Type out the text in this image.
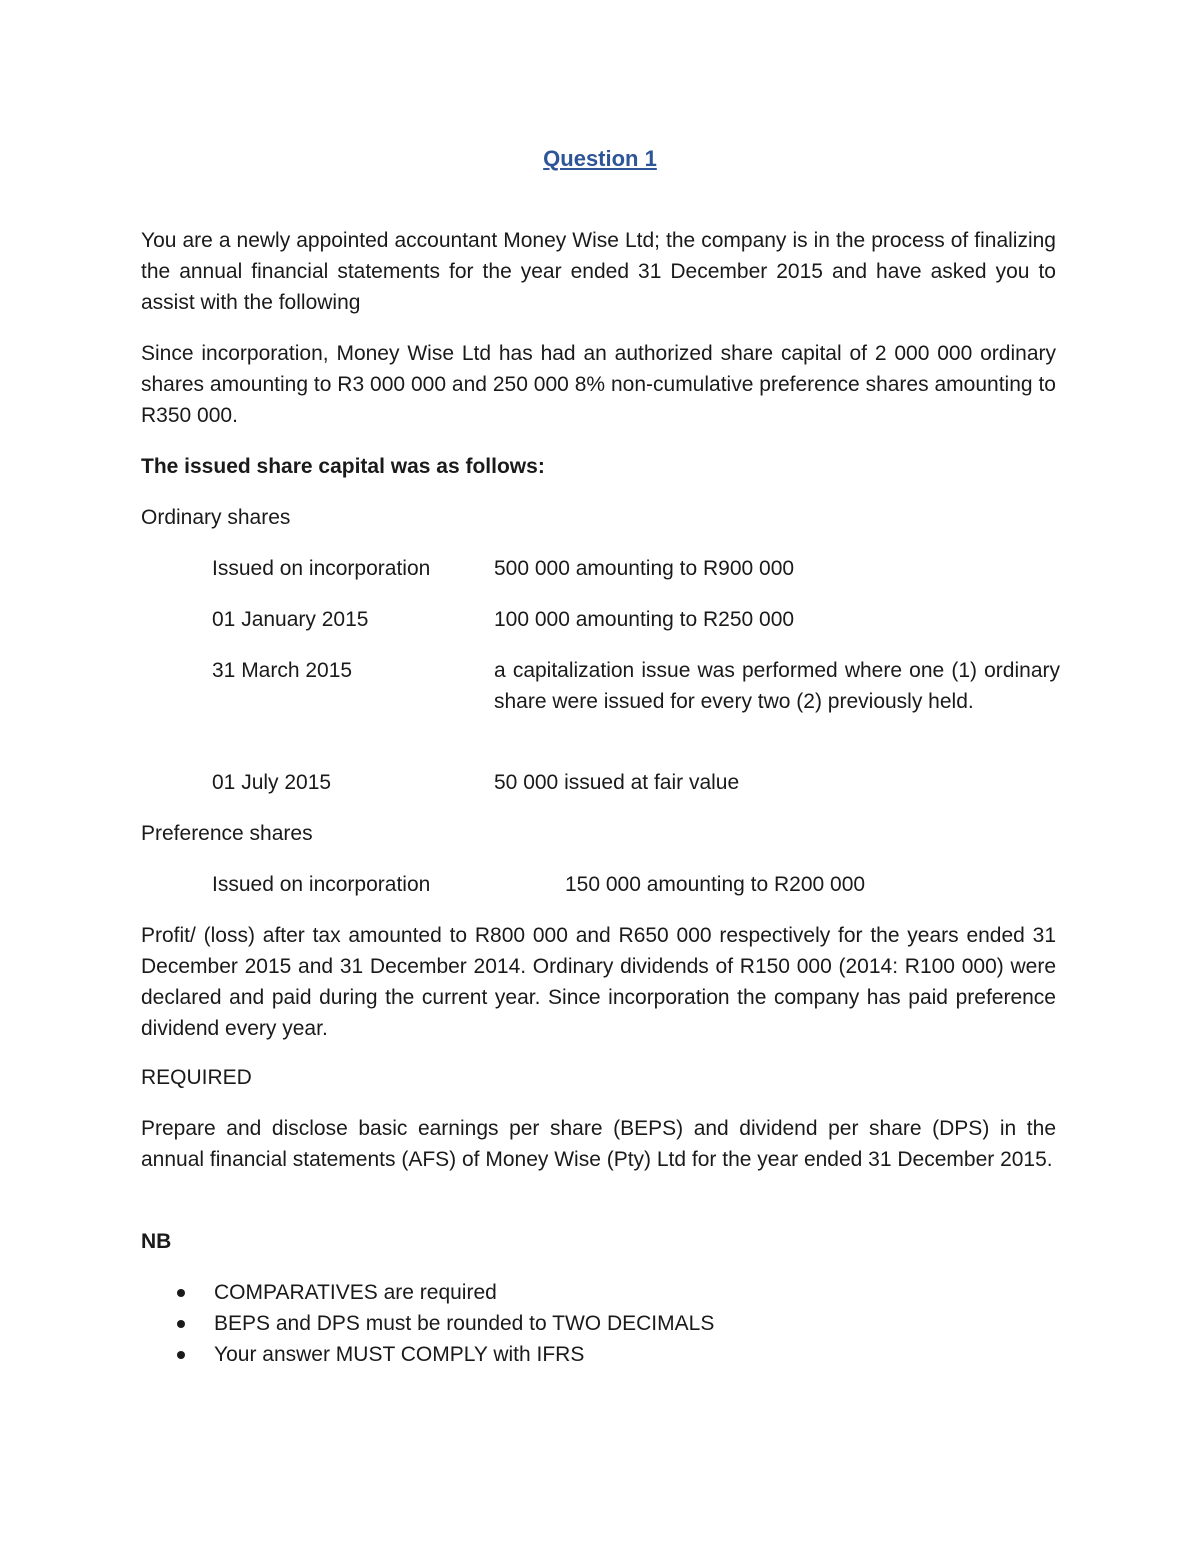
Question 1

You are a newly appointed accountant Money Wise Ltd; the company is in the process of finalizing the annual financial statements for the year ended 31 December 2015 and have asked you to assist with the following

Since incorporation, Money Wise Ltd has had an authorized share capital of 2 000 000 ordinary shares amounting to R3 000 000 and 250 000 8% non-cumulative preference shares amounting to R350 000.

The issued share capital was as follows:

Ordinary shares

Issued on incorporation	500 000 amounting to R900 000
01 January 2015	100 000 amounting to R250 000
31 March 2015	a capitalization issue was performed where one (1) ordinary share were issued for every two (2) previously held.
01 July 2015	50 000 issued at fair value

Preference shares

Issued on incorporation	150 000 amounting to R200 000

Profit/ (loss) after tax amounted to R800 000 and R650 000 respectively for the years ended 31 December 2015 and 31 December 2014. Ordinary dividends of R150 000 (2014: R100 000) were declared and paid during the current year. Since incorporation the company has paid preference dividend every year.

REQUIRED

Prepare and disclose basic earnings per share (BEPS) and dividend per share (DPS) in the annual financial statements (AFS) of Money Wise (Pty) Ltd for the year ended 31 December 2015.

NB

COMPARATIVES are required
BEPS and DPS must be rounded to TWO DECIMALS
Your answer MUST COMPLY with IFRS
